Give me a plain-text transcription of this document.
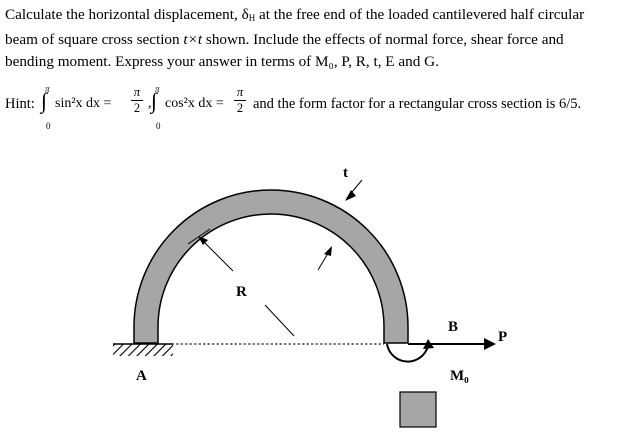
Calculate the horizontal displacement, $\delta_H$ at the free end of the loaded cantilevered half circular
beam of square cross section t×t shown. Include the effects of normal force, shear force and
bending moment. Express your answer in terms of M₀, P, R, t, E and G.
Hint:
π
∫
0
sin²x dx = $\frac{\pi}{2}$ ,
π
∫
0
cos²x dx = $\frac{\pi}{2}$ and the form factor for a rectangular cross section is 6/5.
t
R
A
B
P
M₀
